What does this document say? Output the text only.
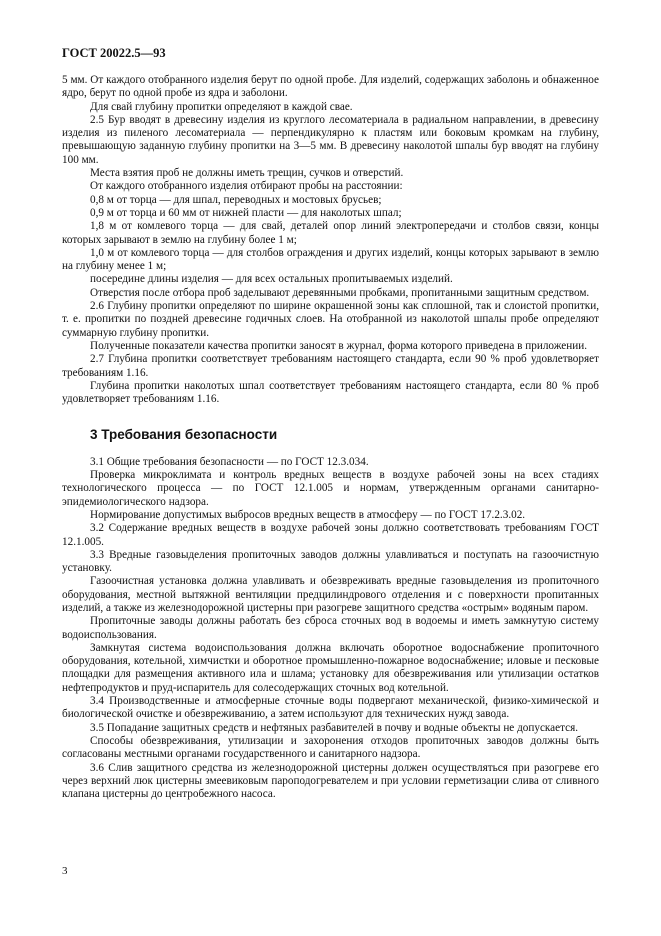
ГОСТ 20022.5—93

5 мм. От каждого отобранного изделия берут по одной пробе. Для изделий, содержащих заболонь и обнаженное ядро, берут по одной пробе из ядра и заболони.

Для свай глубину пропитки определяют в каждой свае.

2.5 Бур вводят в древесину изделия из круглого лесоматериала в радиальном направлении, в древесину изделия из пиленого лесоматериала — перпендикулярно к пластям или боковым кромкам на глубину, превышающую заданную глубину пропитки на 3—5 мм. В древесину наколотой шпалы бур вводят на глубину 100 мм.

Места взятия проб не должны иметь трещин, сучков и отверстий.

От каждого отобранного изделия отбирают пробы на расстоянии:

0,8 м от торца — для шпал, переводных и мостовых брусьев;

0,9 м от торца и 60 мм от нижней пласти — для наколотых шпал;

1,8 м от комлевого торца — для свай, деталей опор линий электропередачи и столбов связи, концы которых зарывают в землю на глубину более 1 м;

1,0 м от комлевого торца — для столбов ограждения и других изделий, концы которых зарывают в землю на глубину менее 1 м;

посередине длины изделия — для всех остальных пропитываемых изделий.

Отверстия после отбора проб заделывают деревянными пробками, пропитанными защитным средством.

2.6 Глубину пропитки определяют по ширине окрашенной зоны как сплошной, так и слоистой пропитки, т. е. пропитки по поздней древесине годичных слоев. На отобранной из наколотой шпалы пробе определяют суммарную глубину пропитки.

Полученные показатели качества пропитки заносят в журнал, форма которого приведена в приложении.

2.7 Глубина пропитки соответствует требованиям настоящего стандарта, если 90 % проб удовлетворяет требованиям 1.16.

Глубина пропитки наколотых шпал соответствует требованиям настоящего стандарта, если 80 % проб удовлетворяет требованиям 1.16.

3 Требования безопасности

3.1 Общие требования безопасности — по ГОСТ 12.3.034.

Проверка микроклимата и контроль вредных веществ в воздухе рабочей зоны на всех стадиях технологического процесса — по ГОСТ 12.1.005 и нормам, утвержденным органами санитарно-эпидемиологического надзора.

Нормирование допустимых выбросов вредных веществ в атмосферу — по ГОСТ 17.2.3.02.

3.2 Содержание вредных веществ в воздухе рабочей зоны должно соответствовать требованиям ГОСТ 12.1.005.

3.3 Вредные газовыделения пропиточных заводов должны улавливаться и поступать на газоочистную установку.

Газоочистная установка должна улавливать и обезвреживать вредные газовыделения из пропиточного оборудования, местной вытяжной вентиляции предцилиндрового отделения и с поверхности пропитанных изделий, а также из железнодорожной цистерны при разогреве защитного средства «острым» водяным паром.

Пропиточные заводы должны работать без сброса сточных вод в водоемы и иметь замкнутую систему водоиспользования.

Замкнутая система водоиспользования должна включать оборотное водоснабжение пропиточного оборудования, котельной, химчистки и оборотное промышленно-пожарное водоснабжение; иловые и песковые площадки для размещения активного ила и шлама; установку для обезвреживания или утилизации остатков нефтепродуктов и пруд-испаритель для солесодержащих сточных вод котельной.

3.4 Производственные и атмосферные сточные воды подвергают механической, физико-химической и биологической очистке и обезвреживанию, а затем используют для технических нужд завода.

3.5 Попадание защитных средств и нефтяных разбавителей в почву и водные объекты не допускается.

Способы обезвреживания, утилизации и захоронения отходов пропиточных заводов должны быть согласованы местными органами государственного и санитарного надзора.

3.6 Слив защитного средства из железнодорожной цистерны должен осуществляться при разогреве его через верхний люк цистерны змеевиковым пароподогревателем и при условии герметизации слива от сливного клапана цистерны до центробежного насоса.

3
